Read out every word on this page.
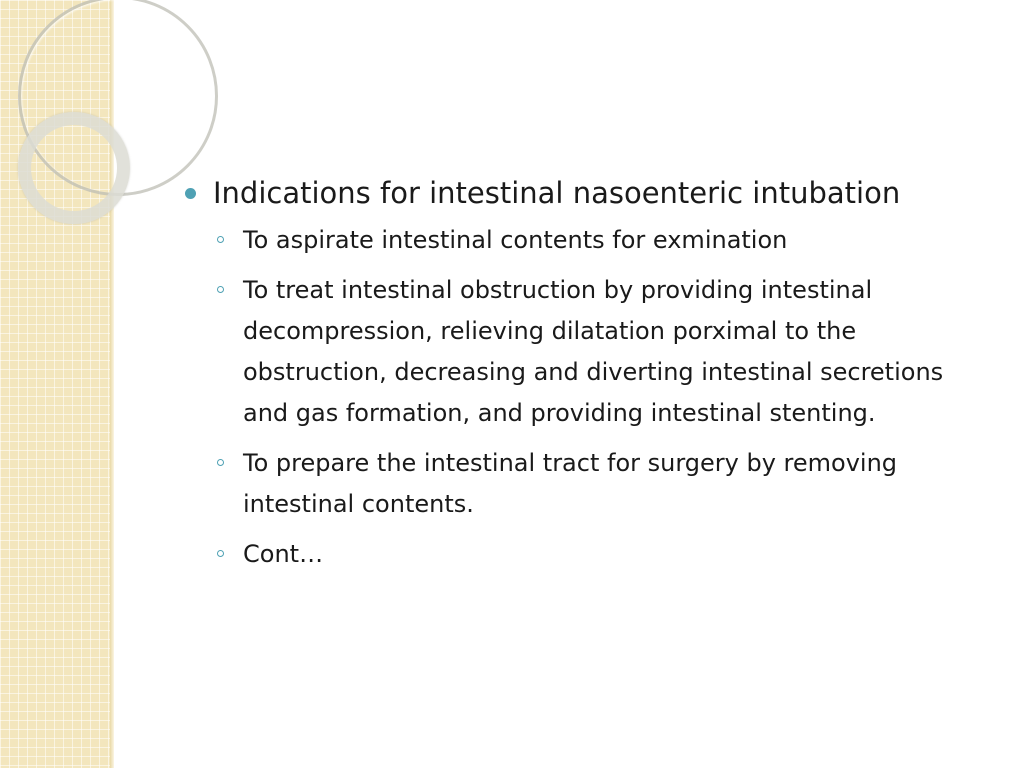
Indications for intestinal nasoenteric intubation
To aspirate intestinal contents for exmination
To treat intestinal obstruction by providing intestinal decompression, relieving dilatation porximal to the obstruction, decreasing and diverting intestinal secretions and gas formation, and providing intestinal stenting.
To prepare the intestinal tract for surgery by removing intestinal contents.
Cont…
